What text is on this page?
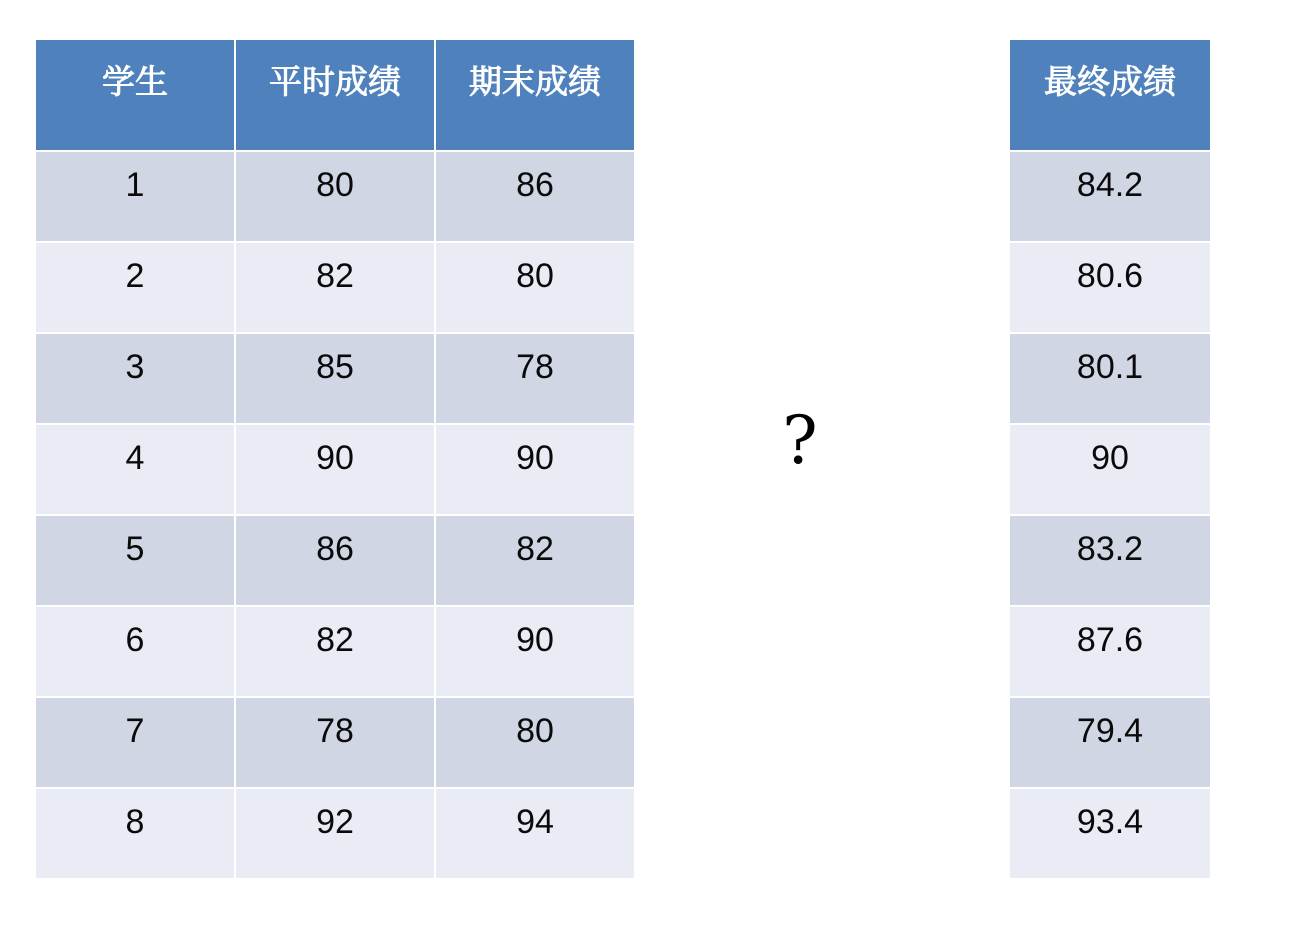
学生	平时成绩	期末成绩
1	80	86
2	82	80
3	85	78
4	90	90
5	86	82
6	82	90
7	78	80
8	92	94
?
最终成绩
84.2
80.6
80.1
90
83.2
87.6
79.4
93.4
